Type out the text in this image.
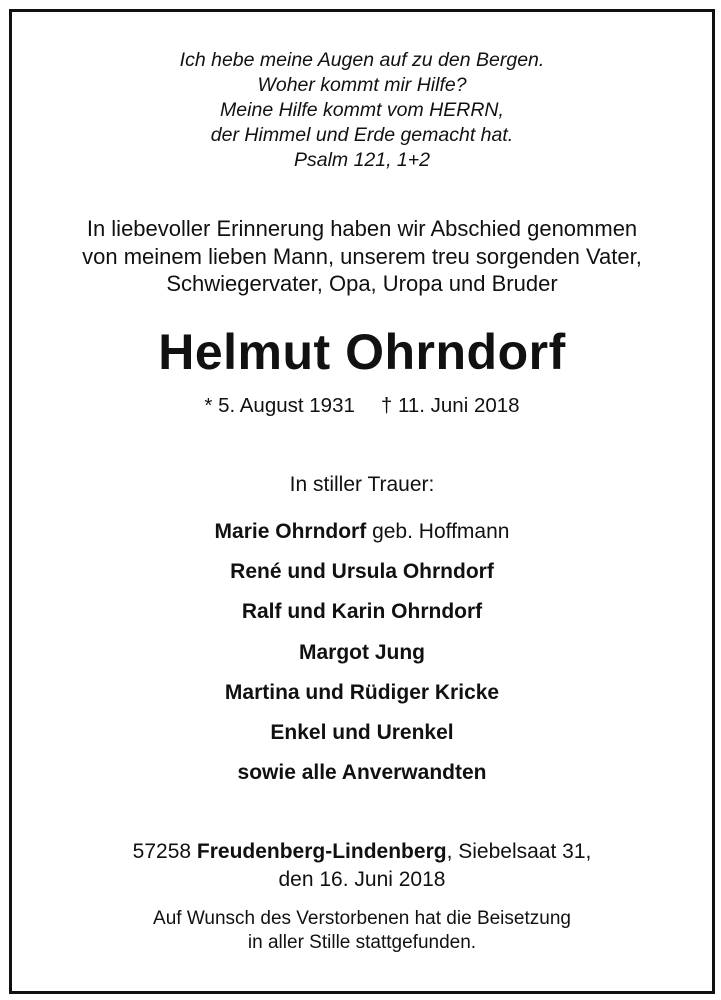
Ich hebe meine Augen auf zu den Bergen.
Woher kommt mir Hilfe?
Meine Hilfe kommt vom HERRN,
der Himmel und Erde gemacht hat.
Psalm 121, 1+2
In liebevoller Erinnerung haben wir Abschied genommen
von meinem lieben Mann, unserem treu sorgenden Vater,
Schwiegervater, Opa, Uropa und Bruder
Helmut Ohrndorf
* 5. August 1931 † 11. Juni 2018
In stiller Trauer:
Marie Ohrndorf geb. Hoffmann
René und Ursula Ohrndorf
Ralf und Karin Ohrndorf
Margot Jung
Martina und Rüdiger Kricke
Enkel und Urenkel
sowie alle Anverwandten
57258 Freudenberg-Lindenberg, Siebelsaat 31,
den 16. Juni 2018
Auf Wunsch des Verstorbenen hat die Beisetzung
in aller Stille stattgefunden.
